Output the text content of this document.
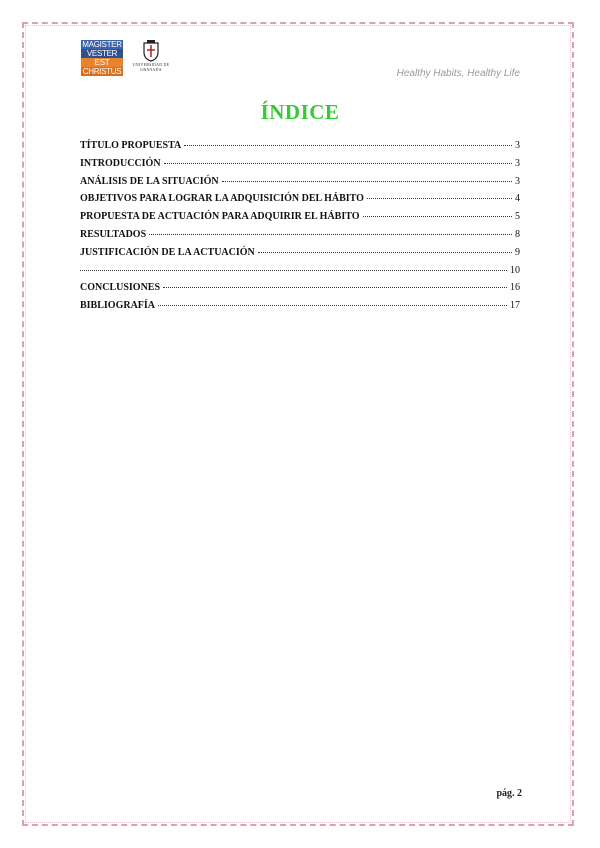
MAGISTER
VESTER
EST
CHRISTUS
UNIVERSIDAD DE GRANADA	Healthy Habits, Healthy Life
ÍNDICE
TÍTULO PROPUESTA	3
INTRODUCCIÓN	3
ANÁLISIS DE LA SITUACIÓN	3
OBJETIVOS PARA LOGRAR LA ADQUISICIÓN DEL HÁBITO	4
PROPUESTA DE ACTUACIÓN PARA ADQUIRIR EL HÁBITO	5
RESULTADOS	8
JUSTIFICACIÓN DE LA ACTUACIÓN	9
10
CONCLUSIONES	16
BIBLIOGRAFÍA	17
pág. 2
